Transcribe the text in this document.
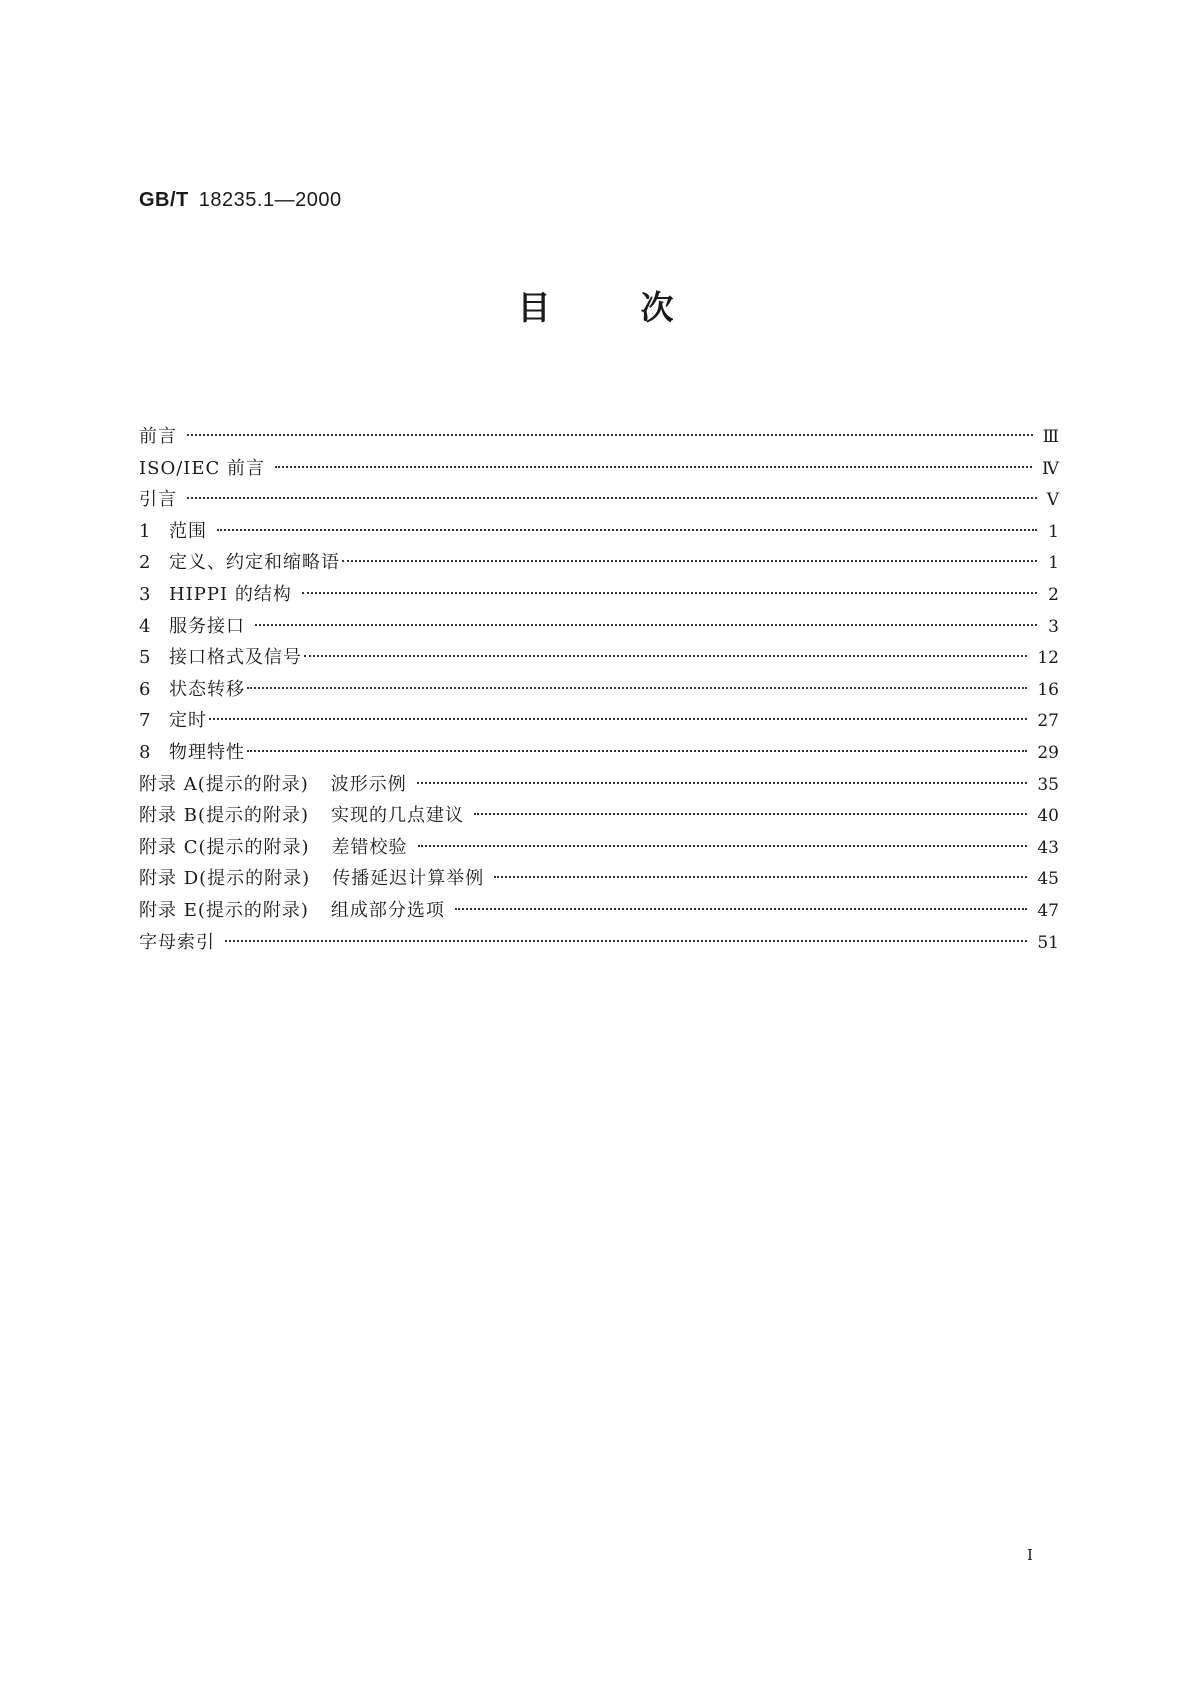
GB/T 18235.1—2000
目	次
前言	Ⅲ
ISO/IEC 前言	Ⅳ
引言	Ⅴ
1	范围	1
2	定义、约定和缩略语	1
3	HIPPI 的结构	2
4	服务接口	3
5	接口格式及信号	12
6	状态转移	16
7	定时	27
8	物理特性	29
附录 A(提示的附录) 波形示例	35
附录 B(提示的附录) 实现的几点建议	40
附录 C(提示的附录) 差错校验	43
附录 D(提示的附录) 传播延迟计算举例	45
附录 E(提示的附录) 组成部分选项	47
字母索引	51
Ⅰ
